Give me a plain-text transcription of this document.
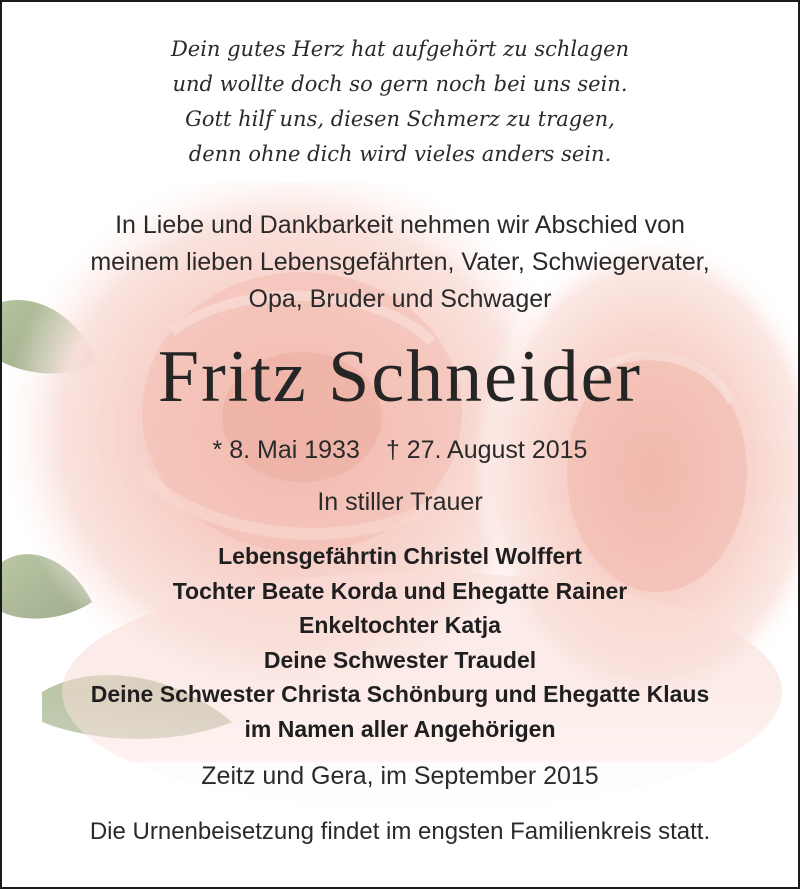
Dein gutes Herz hat aufgehört zu schlagen
und wollte doch so gern noch bei uns sein.
Gott hilf uns, diesen Schmerz zu tragen,
denn ohne dich wird vieles anders sein.
In Liebe und Dankbarkeit nehmen wir Abschied von
meinem lieben Lebensgefährten, Vater, Schwiegervater,
Opa, Bruder und Schwager
Fritz Schneider
* 8. Mai 1933 † 27. August 2015
In stiller Trauer
Lebensgefährtin Christel Wolffert
Tochter Beate Korda und Ehegatte Rainer
Enkeltochter Katja
Deine Schwester Traudel
Deine Schwester Christa Schönburg und Ehegatte Klaus
im Namen aller Angehörigen
Zeitz und Gera, im September 2015
Die Urnenbeisetzung findet im engsten Familienkreis statt.
